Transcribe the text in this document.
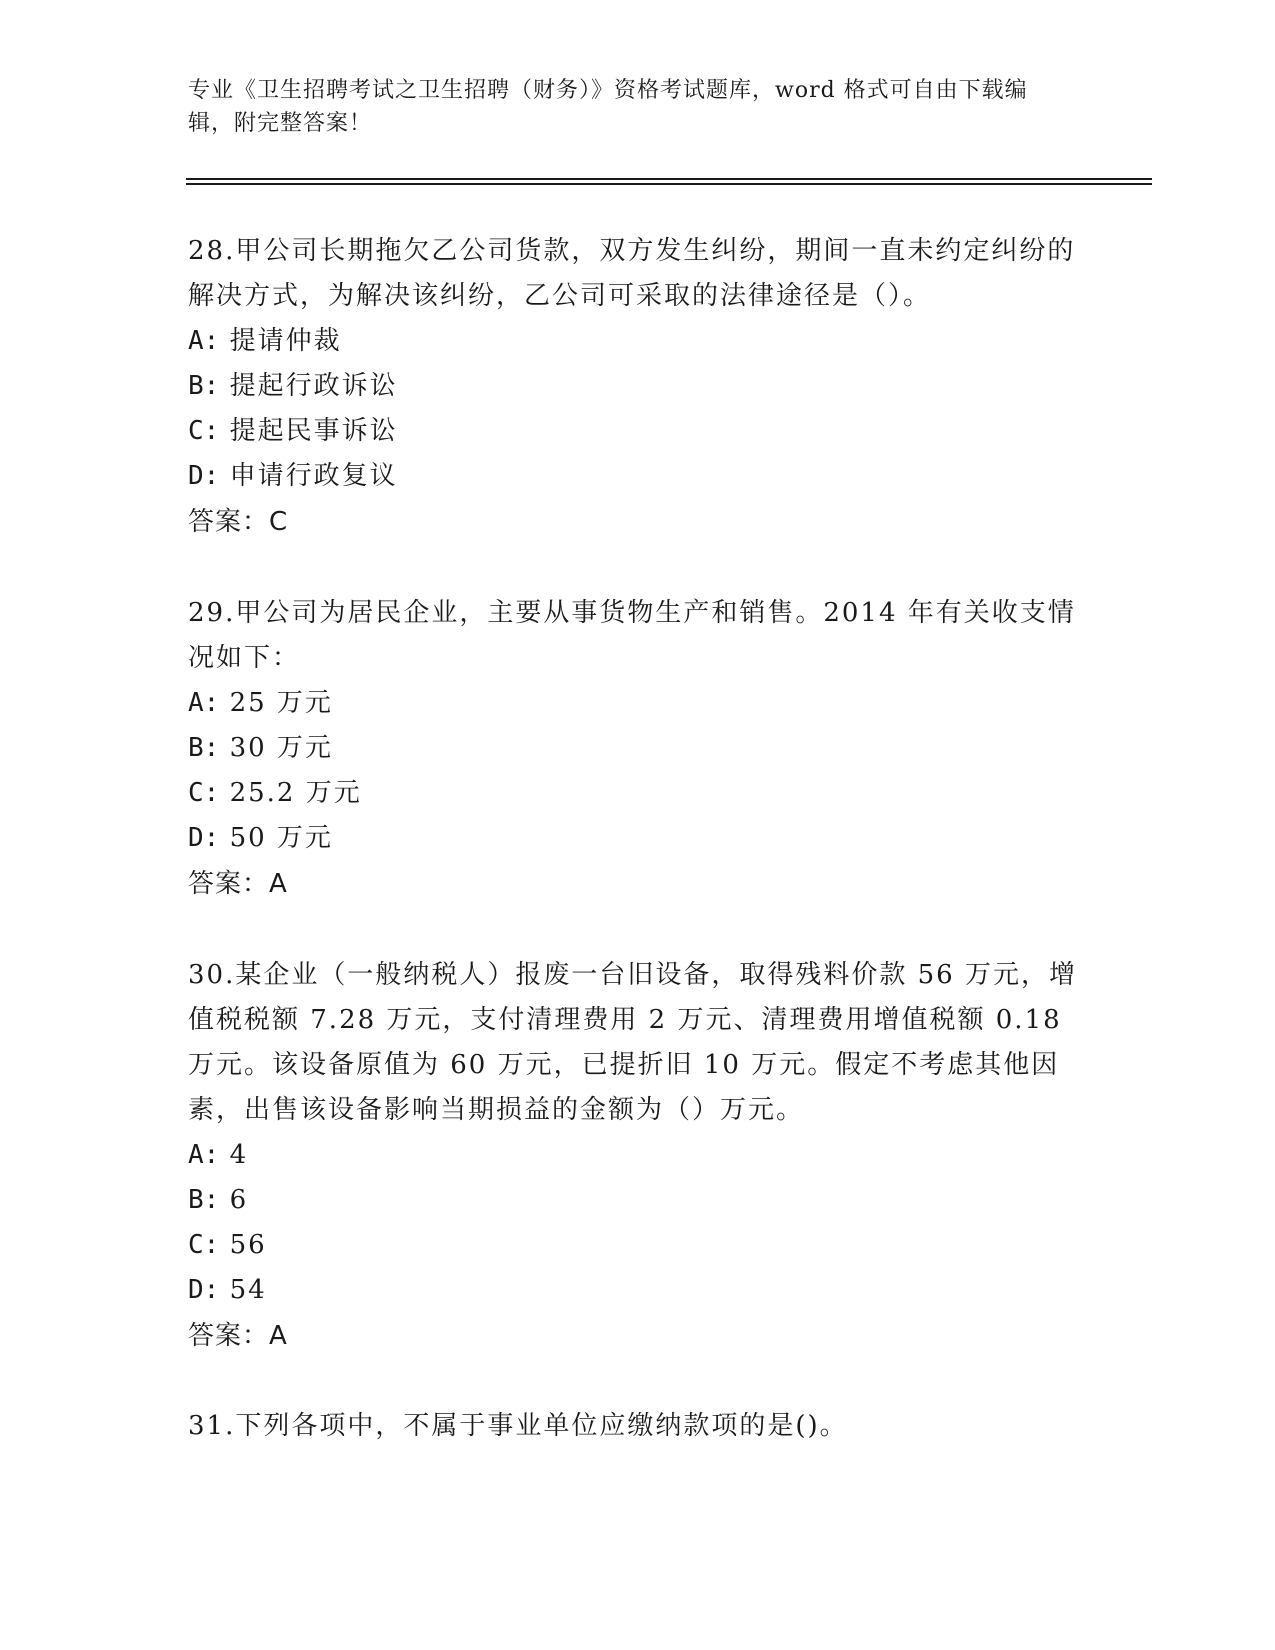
专业《卫生招聘考试之卫生招聘（财务）》资格考试题库，word 格式可自由下载编辑，附完整答案！
28.甲公司长期拖欠乙公司货款，双方发生纠纷，期间一直未约定纠纷的解决方式，为解决该纠纷，乙公司可采取的法律途径是（）。
A: 提请仲裁
B: 提起行政诉讼
C: 提起民事诉讼
D: 申请行政复议
答案：C
29.甲公司为居民企业，主要从事货物生产和销售。2014 年有关收支情况如下：
A: 25 万元
B: 30 万元
C: 25.2 万元
D: 50 万元
答案：A
30.某企业（一般纳税人）报废一台旧设备，取得残料价款 56 万元，增值税税额 7.28 万元，支付清理费用 2 万元、清理费用增值税额 0.18 万元。该设备原值为 60 万元，已提折旧 10 万元。假定不考虑其他因素，出售该设备影响当期损益的金额为（）万元。
A: 4
B: 6
C: 56
D: 54
答案：A
31.下列各项中，不属于事业单位应缴纳款项的是()。
